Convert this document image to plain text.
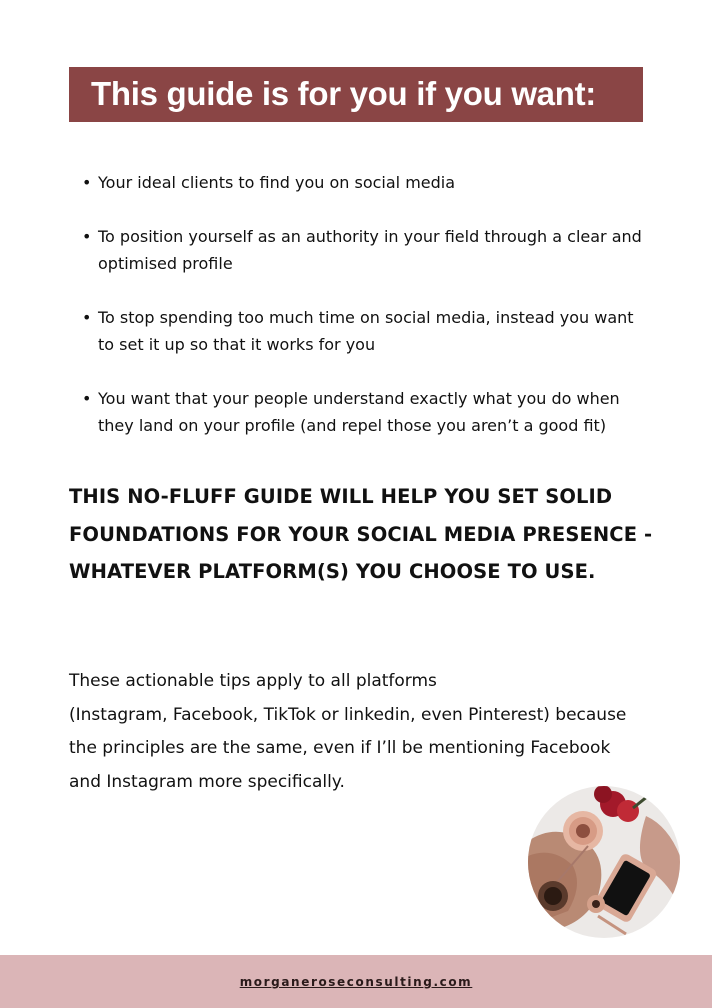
This guide is for you if you want:
• Your ideal clients to find you on social media
• To position yourself as an authority in your field through a clear and optimised profile
• To stop spending too much time on social media, instead you want to set it up so that it works for you
• You want that your people understand exactly what you do when they land on your profile (and repel those you aren’t a good fit)

THIS NO-FLUFF GUIDE WILL HELP YOU SET SOLID FOUNDATIONS FOR YOUR SOCIAL MEDIA PRESENCE - WHATEVER PLATFORM(S) YOU CHOOSE TO USE.

These actionable tips apply to all platforms
(Instagram, Facebook, TikTok or linkedin, even Pinterest) because
the principles are the same, even if I’ll be mentioning Facebook
and Instagram more specifically.

morganeroseconsulting.com
